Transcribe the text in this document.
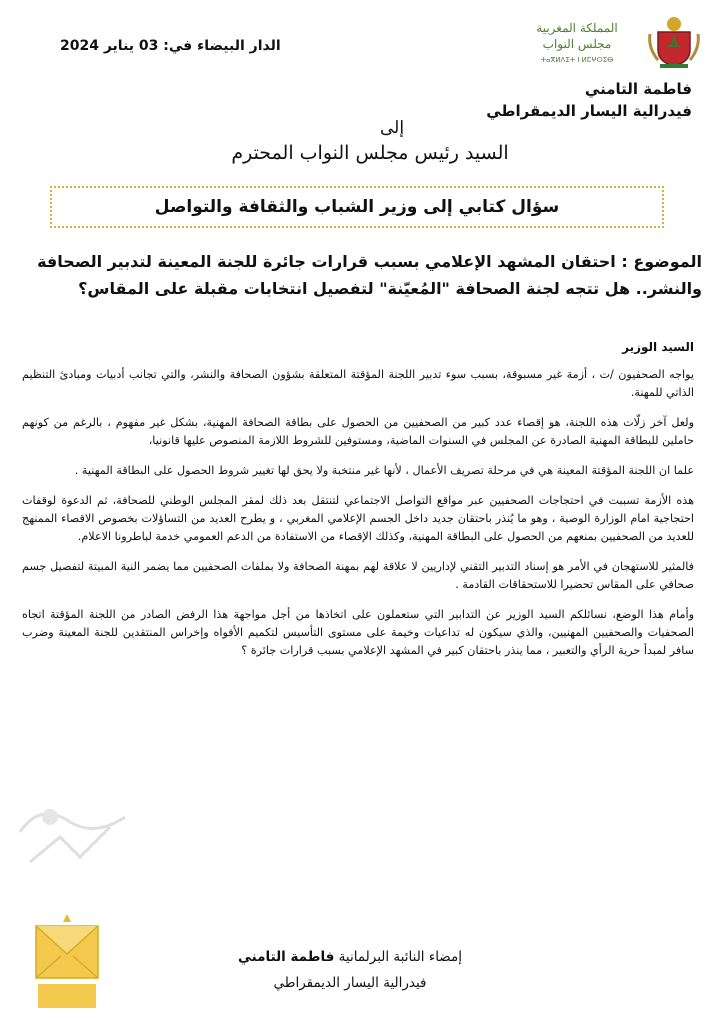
المملكة المغربية
مجلس النواب
ⵜⴰⴳⵍⴷⵉⵜ ⵏ ⵍⵎⵖⵔⵉⴱ
الدار البيضاء في: 03 يناير 2024
فاطمة التامني
فيدرالية اليسار الديمقراطي
إلى
السيد رئيس مجلس النواب المحترم
سؤال كتابي إلى وزير الشباب والثقافة والتواصل
الموضوع : احتقان المشهد الإعلامي بسبب قرارات جائرة للجنة المعينة لتدبير الصحافة والنشر.. هل تتجه لجنة الصحافة "المُعيّنة" لتفصيل انتخابات مقبلة على المقاس؟
السيد الوزير

يواجه الصحفيون /ت ، أزمة غير مسبوقة، بسبب سوء تدبير اللجنة المؤقتة المتعلقة بشؤون الصحافة والنشر، والتي تجانب أدبيات ومبادئ التنظيم الذاتي للمهنة.

ولعل آخر زلّات هذه اللجنة، هو إقصاء عدد كبير من الصحفيين من الحصول على بطاقة الصحافة المهنية، بشكل غير مفهوم ، بالرغم من كونهم حاملين للبطاقة المهنية الصادرة عن المجلس في السنوات الماضية، ومستوفين للشروط اللازمة المنصوص عليها قانونيا،

علما ان اللجنة المؤقتة المعينة هي في مرحلة تصريف الأعمال ، لأنها غير منتخبة ولا يحق لها تغيير شروط الحصول على البطاقة المهنية .

هذه الأزمة تسببت في احتجاجات الصحفيين عبر مواقع التواصل الاجتماعي لتنتقل بعد ذلك لمقر المجلس الوطني للصحافة، ثم الدعوة لوقفات احتجاجية امام الوزارة الوصية ، وهو ما يُنذر باحتقان جديد داخل الجسم الإعلامي المغربي ، و يطرح العديد من التساؤلات بخصوص الاقصاء الممنهج للعديد من الصحفيين بمنعهم من الحصول على البطاقة المهنية، وكذلك الإقصاء من الاستفادة من الدعم العمومي خدمة لباطرونا الاعلام.

فالمثير للاستهجان في الأمر هو إسناد التدبير التقني لإداريين لا علاقة لهم بمهنة الصحافة ولا بملفات الصحفيين مما يضمر النية المبيتة لتفصيل جسم صحافي على المقاس تحضيرا للاستحقاقات القادمة .

وأمام هذا الوضع، نسائلكم السيد الوزير عن التدابير التي ستعملون على اتخاذها من أجل مواجهة هذا الرفض الصادر من اللجنة المؤقتة اتجاه الصحفيات والصحفيين المهنيين، والذي سيكون له تداعيات وخيمة على مستوى التأسيس لتكميم الأفواه وإخراس المنتقدين للجنة المعينة وضرب سافر لمبدأ حرية الرأي والتعبير ، مما ينذر باحتقان كبير في المشهد الإعلامي بسبب قرارات جائرة ؟

إمضاء النائبة البرلمانية فاطمة التامني
فيدرالية اليسار الديمقراطي
